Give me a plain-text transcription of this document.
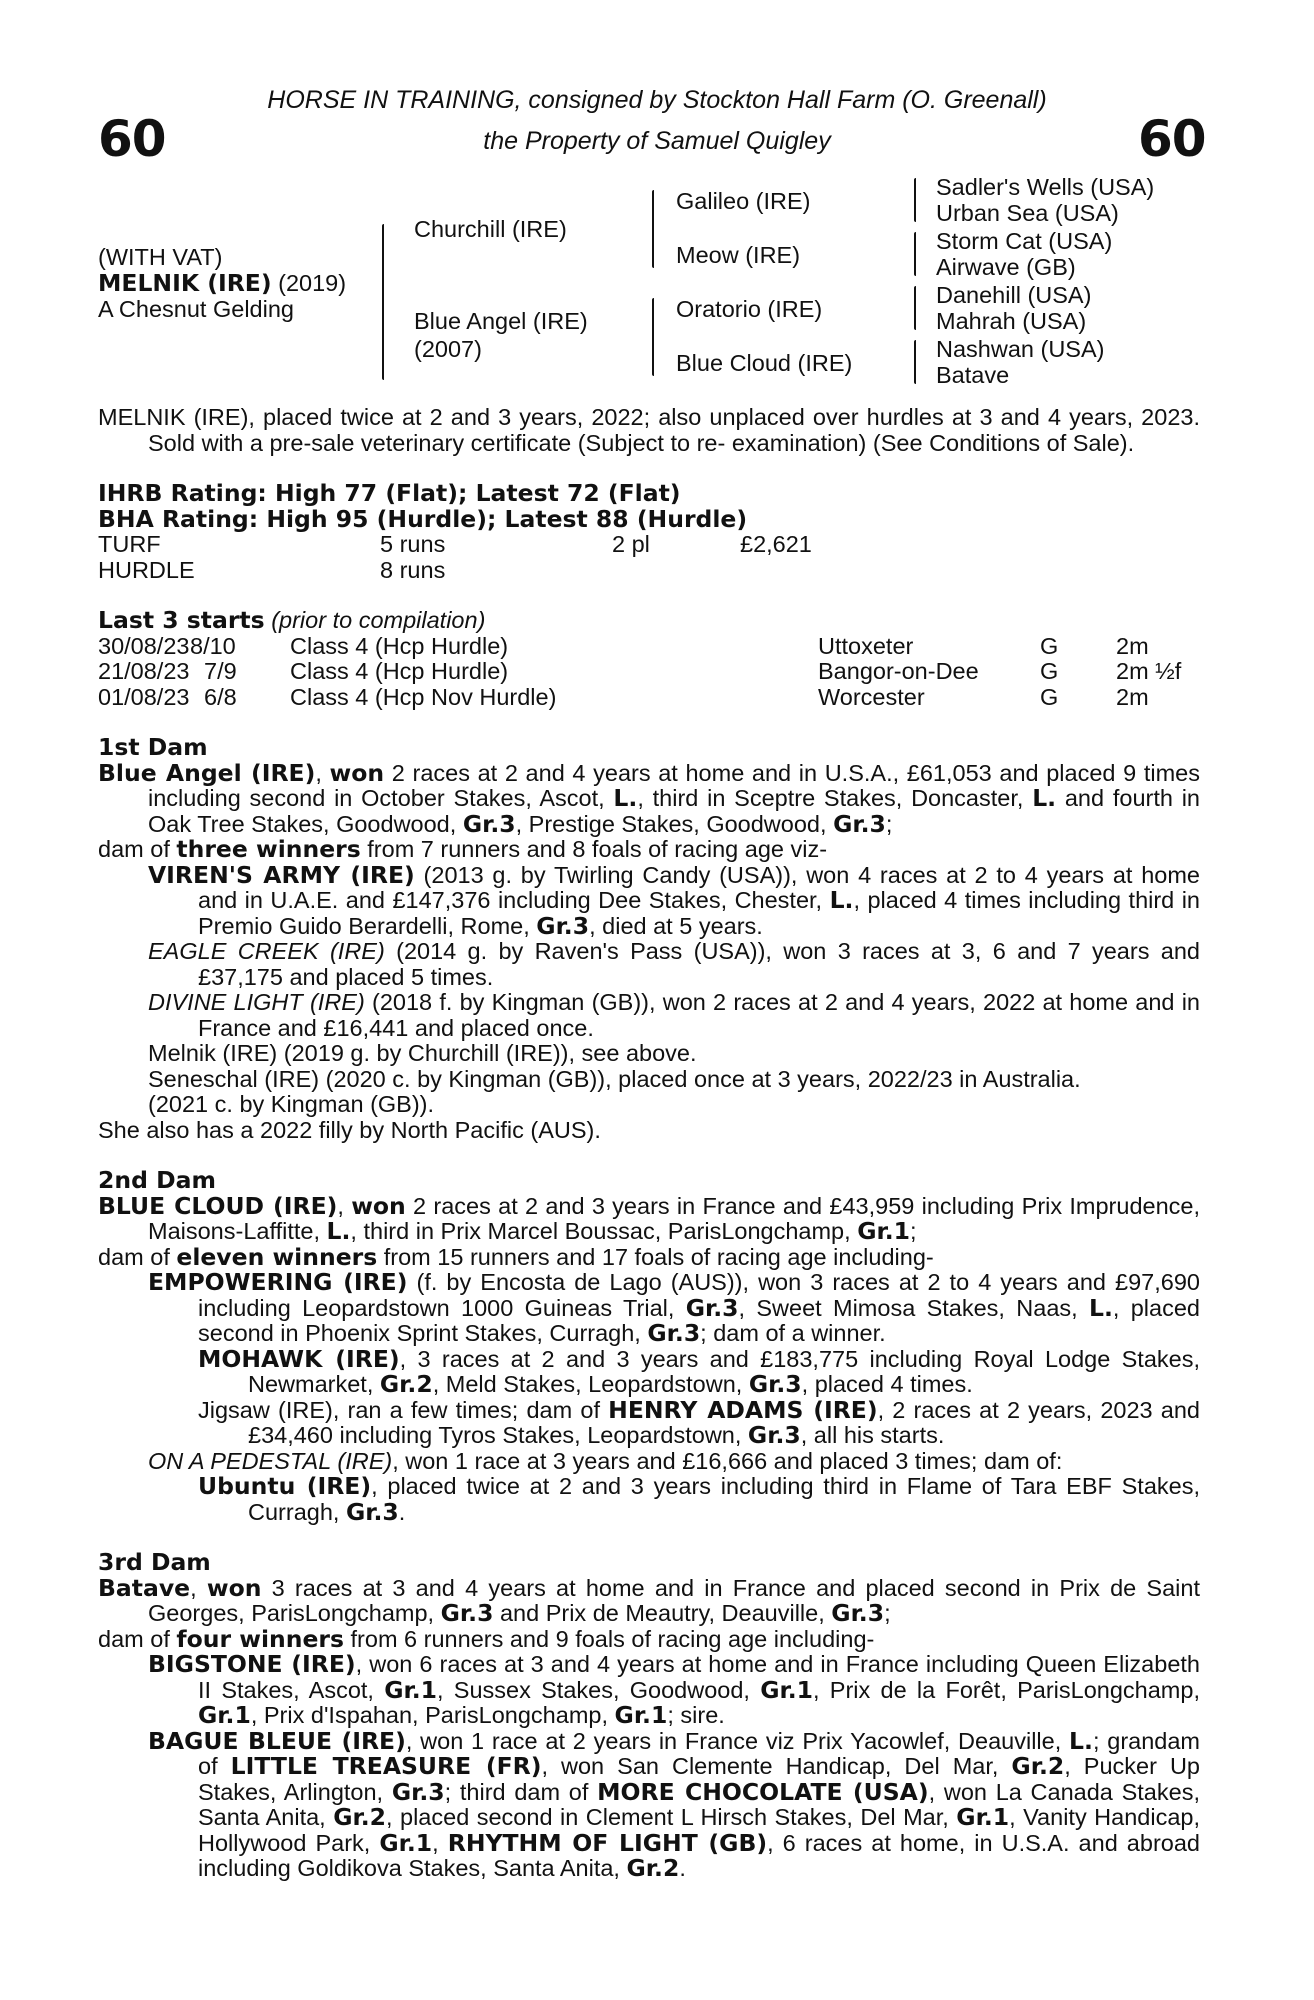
60	60
HORSE IN TRAINING, consigned by Stockton Hall Farm (O. Greenall)
the Property of Samuel Quigley
(WITH VAT)
MELNIK (IRE) (2019)
A Chesnut Gelding
Churchill (IRE)
Blue Angel (IRE)
(2007)
Galileo (IRE)
Meow (IRE)
Oratorio (IRE)
Blue Cloud (IRE)
Sadler's Wells (USA)
Urban Sea (USA)
Storm Cat (USA)
Airwave (GB)
Danehill (USA)
Mahrah (USA)
Nashwan (USA)
Batave

MELNIK (IRE), placed twice at 2 and 3 years, 2022; also unplaced over hurdles at 3 and 4 years, 2023. Sold with a pre-sale veterinary certificate (Subject to re- examination) (See Conditions of Sale).

IHRB Rating: High 77 (Flat); Latest 72 (Flat)

BHA Rating: High 95 (Hurdle); Latest 88 (Hurdle)

TURF	5 runs	2 pl	£2,621
HURDLE	8 runs

Last 3 starts (prior to compilation)

30/08/23 8/10 Class 4 (Hcp Hurdle)	Uttoxeter	G 2m
21/08/23 7/9 Class 4 (Hcp Hurdle)	Bangor-on-Dee	G 2m ½f
01/08/23 6/8 Class 4 (Hcp Nov Hurdle)	Worcester	G 2m

1st Dam

Blue Angel (IRE), won 2 races at 2 and 4 years at home and in U.S.A., £61,053 and placed 9 times including second in October Stakes, Ascot, L., third in Sceptre Stakes, Doncaster, L. and fourth in Oak Tree Stakes, Goodwood, Gr.3, Prestige Stakes, Goodwood, Gr.3;

dam of three winners from 7 runners and 8 foals of racing age viz-

VIREN'S ARMY (IRE) (2013 g. by Twirling Candy (USA)), won 4 races at 2 to 4 years at home and in U.A.E. and £147,376 including Dee Stakes, Chester, L., placed 4 times including third in Premio Guido Berardelli, Rome, Gr.3, died at 5 years.

EAGLE CREEK (IRE) (2014 g. by Raven's Pass (USA)), won 3 races at 3, 6 and 7 years and £37,175 and placed 5 times.

DIVINE LIGHT (IRE) (2018 f. by Kingman (GB)), won 2 races at 2 and 4 years, 2022 at home and in France and £16,441 and placed once.

Melnik (IRE) (2019 g. by Churchill (IRE)), see above.

Seneschal (IRE) (2020 c. by Kingman (GB)), placed once at 3 years, 2022/23 in Australia.

(2021 c. by Kingman (GB)).

She also has a 2022 filly by North Pacific (AUS).

2nd Dam

BLUE CLOUD (IRE), won 2 races at 2 and 3 years in France and £43,959 including Prix Imprudence, Maisons-Laffitte, L., third in Prix Marcel Boussac, ParisLongchamp, Gr.1;

dam of eleven winners from 15 runners and 17 foals of racing age including-

EMPOWERING (IRE) (f. by Encosta de Lago (AUS)), won 3 races at 2 to 4 years and £97,690 including Leopardstown 1000 Guineas Trial, Gr.3, Sweet Mimosa Stakes, Naas, L., placed second in Phoenix Sprint Stakes, Curragh, Gr.3; dam of a winner.

MOHAWK (IRE), 3 races at 2 and 3 years and £183,775 including Royal Lodge Stakes, Newmarket, Gr.2, Meld Stakes, Leopardstown, Gr.3, placed 4 times.

Jigsaw (IRE), ran a few times; dam of HENRY ADAMS (IRE), 2 races at 2 years, 2023 and £34,460 including Tyros Stakes, Leopardstown, Gr.3, all his starts.

ON A PEDESTAL (IRE), won 1 race at 3 years and £16,666 and placed 3 times; dam of:

Ubuntu (IRE), placed twice at 2 and 3 years including third in Flame of Tara EBF Stakes, Curragh, Gr.3.

3rd Dam

Batave, won 3 races at 3 and 4 years at home and in France and placed second in Prix de Saint Georges, ParisLongchamp, Gr.3 and Prix de Meautry, Deauville, Gr.3;

dam of four winners from 6 runners and 9 foals of racing age including-

BIGSTONE (IRE), won 6 races at 3 and 4 years at home and in France including Queen Elizabeth II Stakes, Ascot, Gr.1, Sussex Stakes, Goodwood, Gr.1, Prix de la Forêt, ParisLongchamp, Gr.1, Prix d'Ispahan, ParisLongchamp, Gr.1; sire.

BAGUE BLEUE (IRE), won 1 race at 2 years in France viz Prix Yacowlef, Deauville, L.; grandam of LITTLE TREASURE (FR), won San Clemente Handicap, Del Mar, Gr.2, Pucker Up Stakes, Arlington, Gr.3; third dam of MORE CHOCOLATE (USA), won La Canada Stakes, Santa Anita, Gr.2, placed second in Clement L Hirsch Stakes, Del Mar, Gr.1, Vanity Handicap, Hollywood Park, Gr.1, RHYTHM OF LIGHT (GB), 6 races at home, in U.S.A. and abroad including Goldikova Stakes, Santa Anita, Gr.2.
